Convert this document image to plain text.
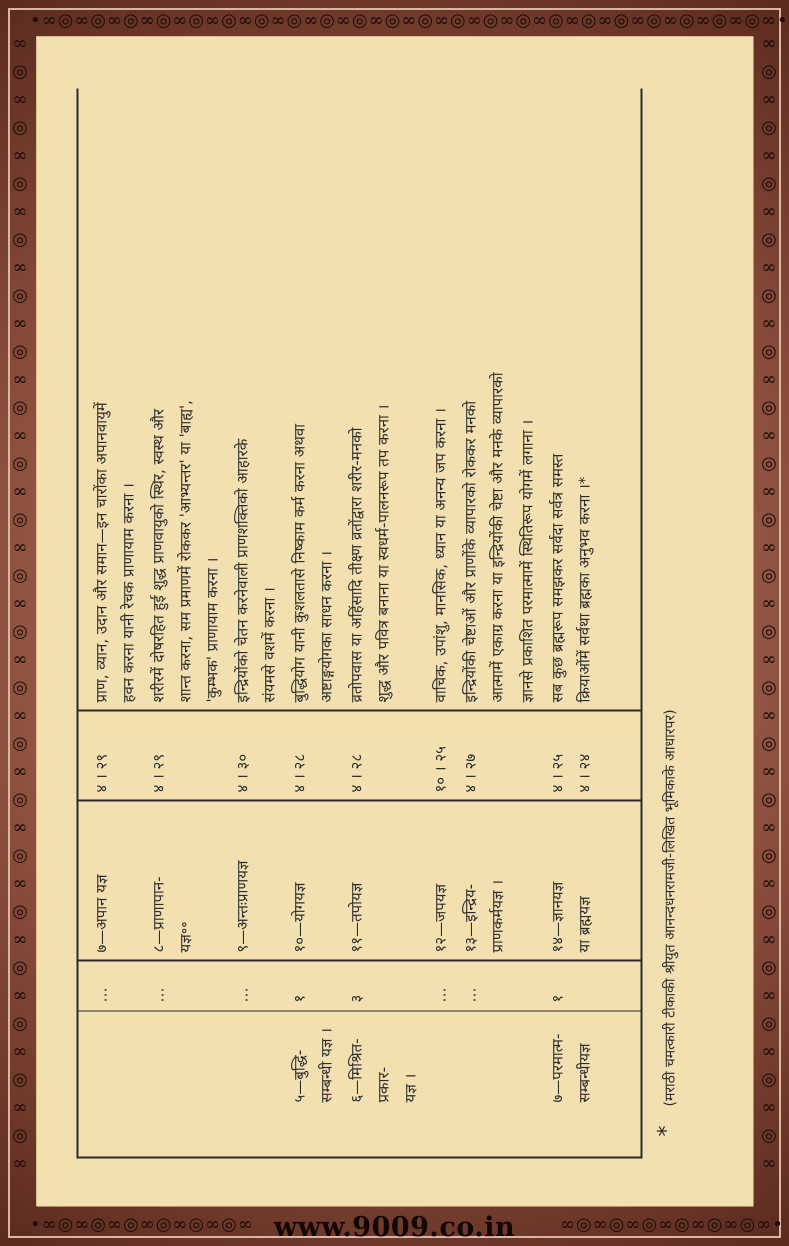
•∞◎∞◎∞◎∞◎∞◎∞◎∞◎∞◎∞◎∞◎∞◎∞◎∞◎∞◎∞◎∞◎∞◎∞◎∞◎∞◎∞◎∞◎∞•
•∞◎∞◎∞◎∞◎∞◎∞◎∞	∞◎∞◎∞◎∞◎∞◎∞◎∞•
∞
◎
∞
◎
∞
◎
∞
◎
∞
◎
∞
◎
∞
◎
∞
◎
∞
◎
∞
◎
∞
◎
∞
◎
∞
◎
∞
◎
∞
◎
∞
◎
∞
◎
∞
◎
∞
◎
∞
◎
∞
∞
◎
∞
◎
∞
◎
∞
◎
∞
◎
∞
◎
∞
◎
∞
◎
∞
◎
∞
◎
∞
◎
∞
◎
∞
◎
∞
◎
∞
◎
∞
◎
∞
◎
∞
◎
∞
◎
∞
◎
∞
…
७—अपान यज्ञ
४ । २९
प्राण, व्यान, उदान और समान—इन चारोंका अपानवायुमें हवन करना यानी रेचक प्राणायाम करना ।
…
८—प्राणापान- यज्ञ॰॰
४ । २९
शरीरमें दोषरहित हुई शुद्ध प्राणवायुको स्थिर, स्वस्थ और शान्त करना, सम प्रमाणमें रोककर 'आभ्यन्तर' या 'बाह्य', 'कुम्भक' प्राणायाम करना ।
…
९—अन्तःप्राणयज्ञ
४ । ३०
इन्द्रियोंको चेतन करनेवाली प्राणशक्तिको आहारके संयमसे वशमें करना ।
५—बुद्धि- सम्बन्धी यज्ञ ।
१
१०—योगयज्ञ
४ । २८
बुद्धियोग यानी कुशलतासे निष्काम कर्म करना अथवा अष्टाङ्गयोगका साधन करना ।
६—मिश्रित- प्रकार- यज्ञ ।
३
११—तपोयज्ञ
४ । २८
व्रतोपवास या अहिंसादि तीक्ष्ण व्रतोंद्वारा शरीर-मनको शुद्ध और पवित्र बनाना या स्वधर्म-पालनरूप तप करना ।
…
१२—जपयज्ञ
१० । २५
वाचिक, उपांशु, मानसिक, ध्यान या अनन्य जप करना ।
…
१३—इन्द्रिय- प्राणकर्मयज्ञ ।
४ । २७
इन्द्रियोंकी चेष्टाओं और प्राणोंके व्यापारको रोककर मनको आत्मामें एकाग्र करना या इन्द्रियोंकी चेष्टा और मनके व्यापारको ज्ञानसे प्रकाशित परमात्मामें स्थितिरूप योगमें लगाना ।
७—परमात्म- सम्बन्धीयज्ञ
१
१४—ज्ञानयज्ञ या ब्रह्मयज्ञ
४ । २५ ४ । २४
सब कुछ ब्रह्मरूप समझकर सर्वदा सर्वत्र समस्त क्रियाओंमें सर्वथा ब्रह्मका अनुभव करना ।*
*
(मराठी चमत्कारी टीकाकी श्रीयुत आनन्दधनरामजी-लिखित भूमिकाके आधारपर)
www.9009.co.in
